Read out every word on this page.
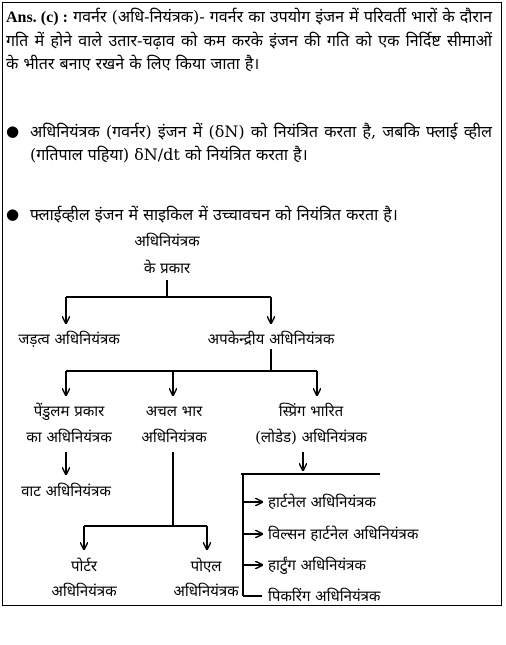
Ans. (c) : गवर्नर (अधि-नियंत्रक)- गवर्नर का उपयोग इंजन में परिवर्ती भारों के दौरान गति में होने वाले उतार-चढ़ाव को कम करके इंजन की गति को एक निर्दिष्ट सीमाओं के भीतर बनाए रखने के लिए किया जाता है।
● अधिनियंत्रक (गवर्नर) इंजन में (δN) को नियंत्रित करता है, जबकि फ्लाई व्हील (गतिपाल पहिया) δN/dt को नियंत्रित करता है।
● फ्लाईव्हील इंजन में साइकिल में उच्चावचन को नियंत्रित करता है।
अधिनियंत्रक
के प्रकार
जड़त्व अधिनियंत्रक	अपकेन्द्रीय अधिनियंत्रक
पेंडुलम प्रकार
का अधिनियंत्रक
अचल भार
अधिनियंत्रक
स्प्रिंग भारित
(लोडेड) अधिनियंत्रक
वाट अधिनियंत्रक
पोर्टर
अधिनियंत्रक
पोएल
अधिनियंत्रक
हार्टनेल अधिनियंत्रक
विल्सन हार्टनेल अधिनियंत्रक
हार्टुंग अधिनियंत्रक
पिकरिंग अधिनियंत्रक
